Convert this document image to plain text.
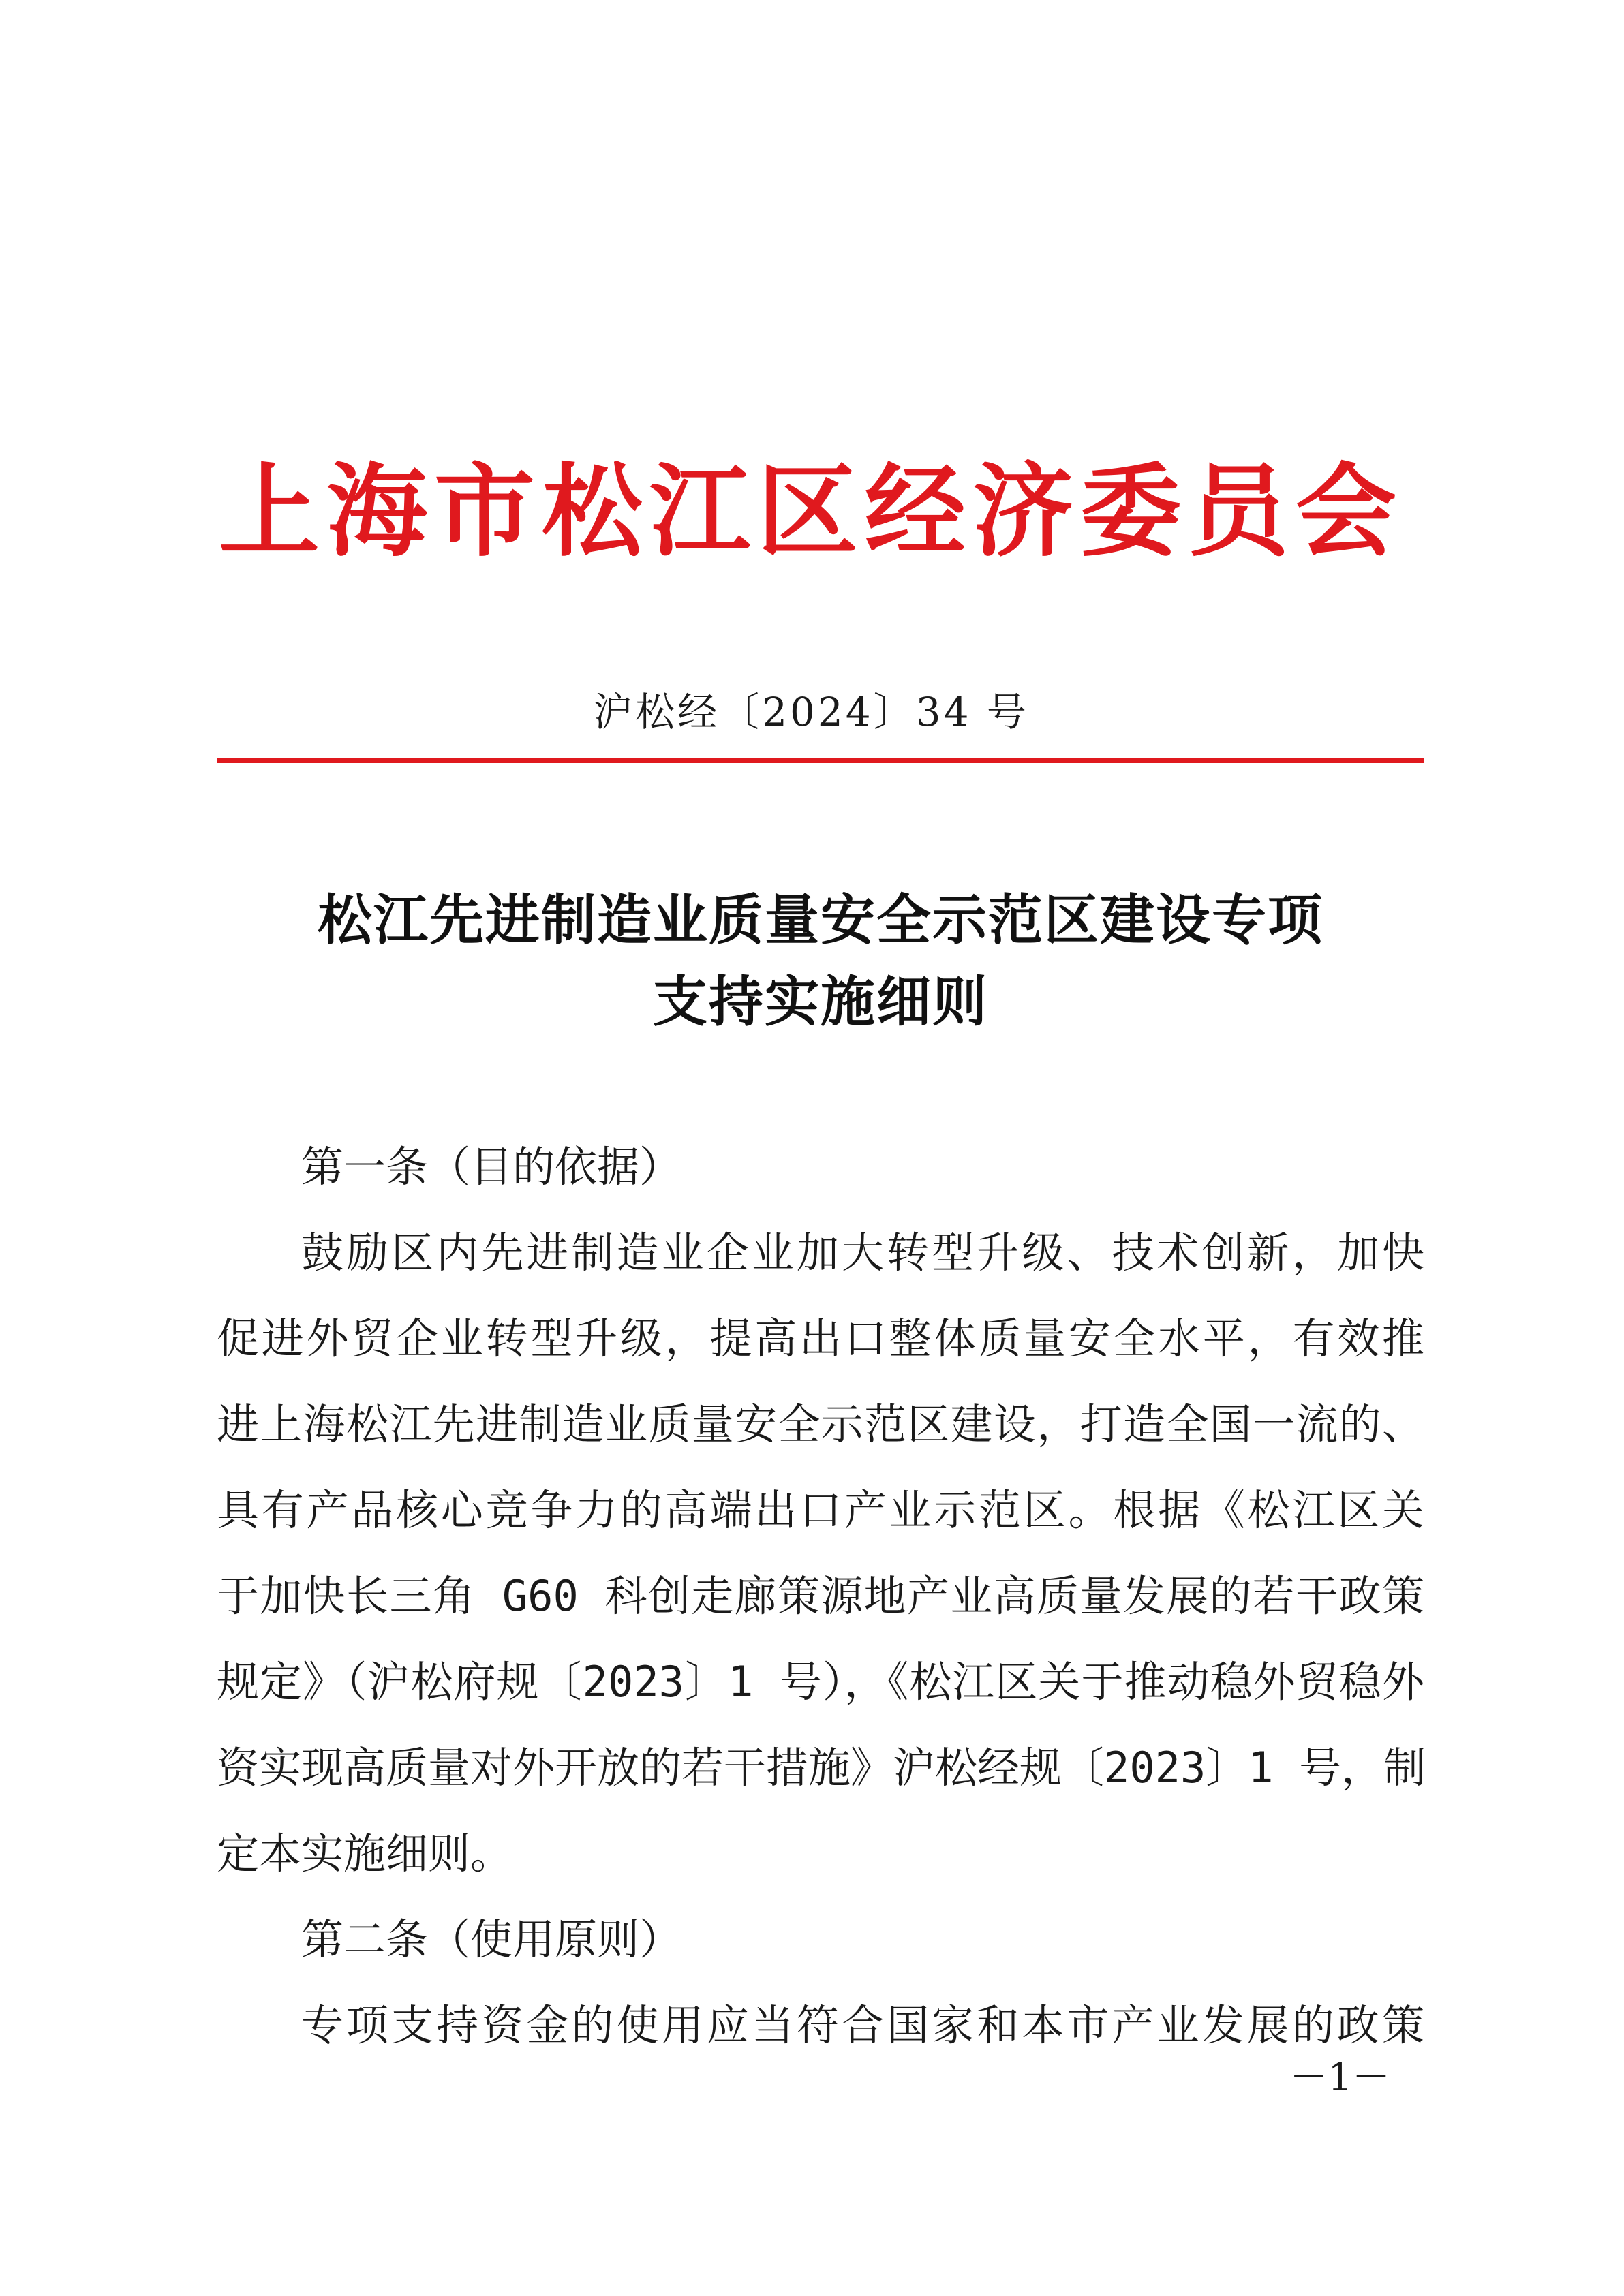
上海市松江区经济委员会
沪松经〔2024〕34 号
松江先进制造业质量安全示范区建设专项
支持实施细则
第一条（目的依据）
鼓励区内先进制造业企业加大转型升级、技术创新，加快
促进外贸企业转型升级，提高出口整体质量安全水平，有效推
进上海松江先进制造业质量安全示范区建设，打造全国一流的、
具有产品核心竞争力的高端出口产业示范区。根据《松江区关
于加快长三角 G60 科创走廊策源地产业高质量发展的若干政策
规定》（沪松府规〔2023〕1 号），《松江区关于推动稳外贸稳外
资实现高质量对外开放的若干措施》沪松经规〔2023〕1 号，制
定本实施细则。
第二条（使用原则）
专项支持资金的使用应当符合国家和本市产业发展的政策
－1－
